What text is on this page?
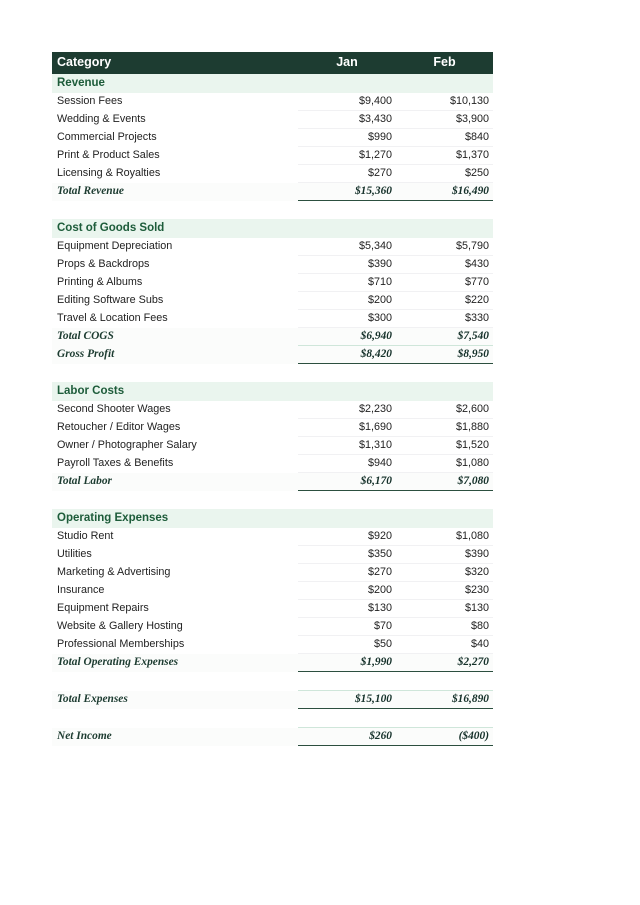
Category	Jan	Feb
Revenue		
Session Fees	$9,400	$10,130
Wedding & Events	$3,430	$3,900
Commercial Projects	$990	$840
Print & Product Sales	$1,270	$1,370
Licensing & Royalties	$270	$250
Total Revenue	$15,360	$16,490

Cost of Goods Sold		
Equipment Depreciation	$5,340	$5,790
Props & Backdrops	$390	$430
Printing & Albums	$710	$770
Editing Software Subs	$200	$220
Travel & Location Fees	$300	$330
Total COGS	$6,940	$7,540
Gross Profit	$8,420	$8,950

Labor Costs		
Second Shooter Wages	$2,230	$2,600
Retoucher / Editor Wages	$1,690	$1,880
Owner / Photographer Salary	$1,310	$1,520
Payroll Taxes & Benefits	$940	$1,080
Total Labor	$6,170	$7,080

Operating Expenses		
Studio Rent	$920	$1,080
Utilities	$350	$390
Marketing & Advertising	$270	$320
Insurance	$200	$230
Equipment Repairs	$130	$130
Website & Gallery Hosting	$70	$80
Professional Memberships	$50	$40
Total Operating Expenses	$1,990	$2,270

Total Expenses	$15,100	$16,890

Net Income	$260	($400)
